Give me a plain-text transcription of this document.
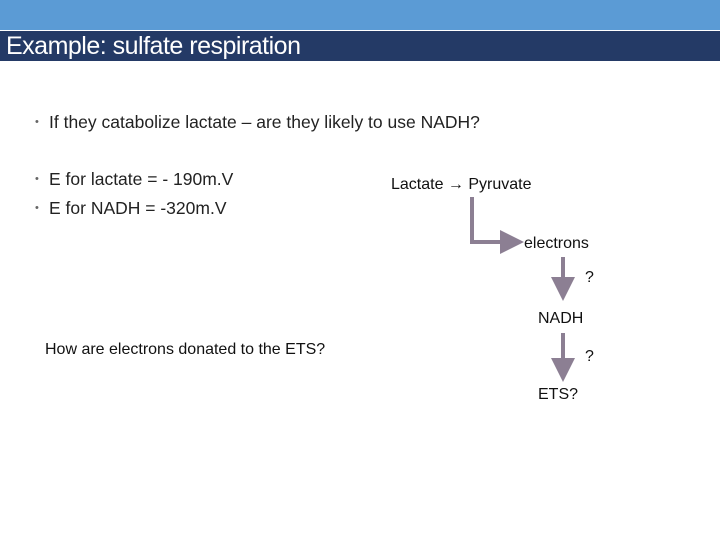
Example: sulfate respiration
• If they catabolize lactate – are they likely to use NADH?
• E for lactate = - 190m.V
• E for NADH = -320m.V
How are electrons donated to the ETS?
Lactate → Pyruvate
electrons
?
NADH
?
ETS?
